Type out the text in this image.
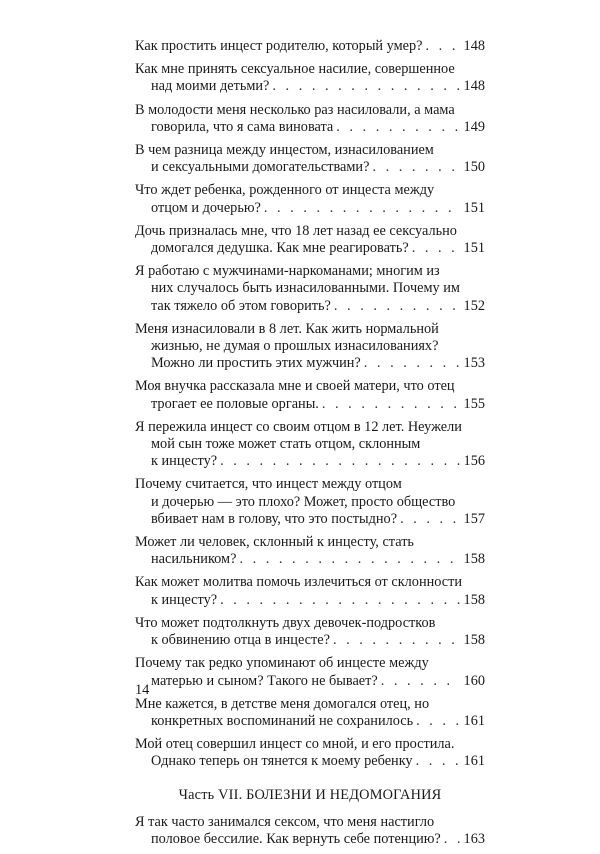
Как простить инцест родителю, который умер? . . .	148
Как мне принять сексуальное насилие, совершенное
над моими детьми? . . .	148
В молодости меня несколько раз насиловали, а мама
говорила, что я сама виновата . . .	149
В чем разница между инцестом, изнасилованием
и сексуальными домогательствами? . . .	150
Что ждет ребенка, рожденного от инцеста между
отцом и дочерью? . . .	151
Дочь призналась мне, что 18 лет назад ее сексуально
домогался дедушка. Как мне реагировать? . . .	151
Я работаю с мужчинами-наркоманами; многим из
них случалось быть изнасилованными. Почему им
так тяжело об этом говорить? . . .	152
Меня изнасиловали в 8 лет. Как жить нормальной
жизнью, не думая о прошлых изнасилованиях?
Можно ли простить этих мужчин? . . .	153
Моя внучка рассказала мне и своей матери, что отец
трогает ее половые органы. . . .	155
Я пережила инцест со своим отцом в 12 лет. Неужели
мой сын тоже может стать отцом, склонным
к инцесту? . . .	156
Почему считается, что инцест между отцом
и дочерью — это плохо? Может, просто общество
вбивает нам в голову, что это постыдно? . . .	157
Может ли человек, склонный к инцесту, стать
насильником? . . .	158
Как может молитва помочь излечиться от склонности
к инцесту? . . .	158
Что может подтолкнуть двух девочек-подростков
к обвинению отца в инцесте? . . .	158
Почему так редко упоминают об инцесте между
матерью и сыном? Такого не бывает? . . .	160
Мне кажется, в детстве меня домогался отец, но
конкретных воспоминаний не сохранилось . . .	161
Мой отец совершил инцест со мной, и его простила.
Однако теперь он тянется к моему ребенку . . .	161
Часть VII. БОЛЕЗНИ И НЕДОМОГАНИЯ
Я так часто занимался сексом, что меня настигло
половое бессилие. Как вернуть себе потенцию? . . . 163
14
